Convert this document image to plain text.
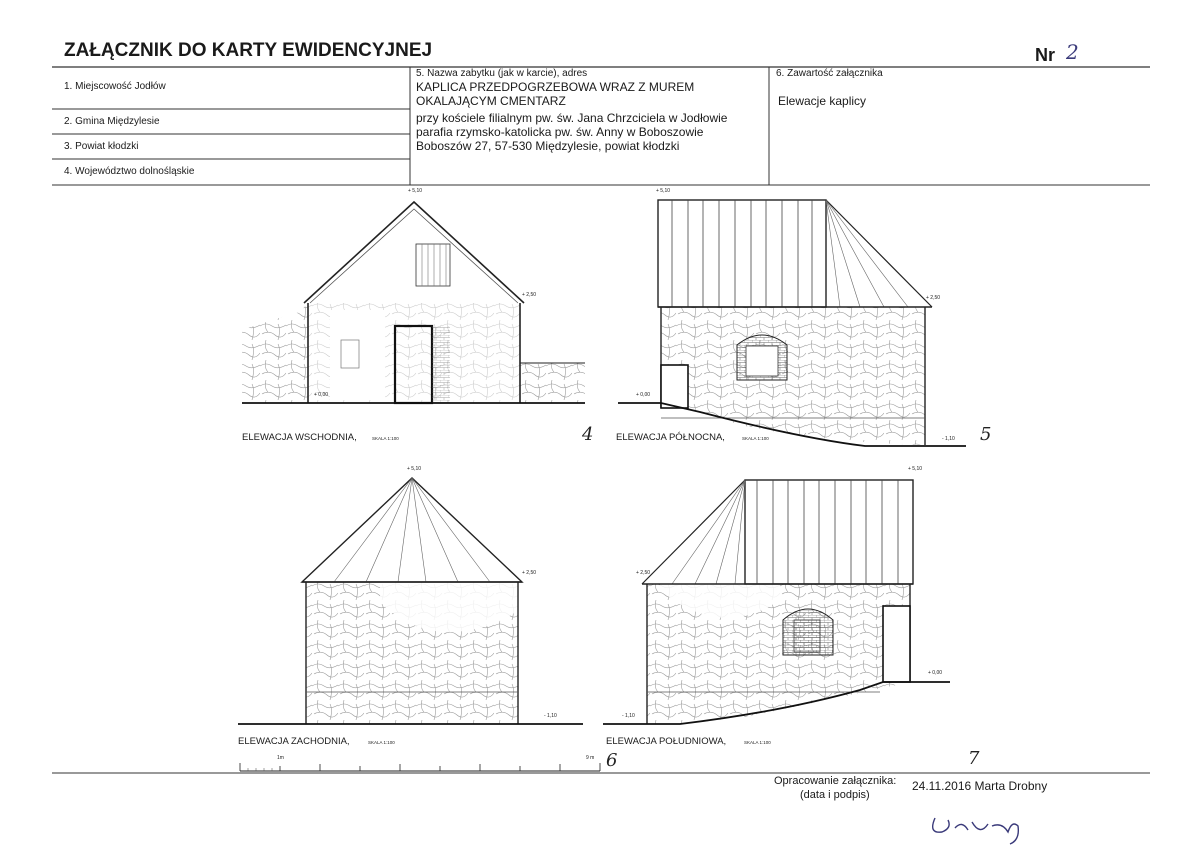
ZAŁĄCZNIK DO KARTY EWIDENCYJNEJ	Nr 2
1. Miejscowość Jodłów
2. Gmina Międzylesie
3. Powiat kłodzki
4. Województwo dolnośląskie
5. Nazwa zabytku (jak w karcie), adres
KAPLICA PRZEDPOGRZEBOWA WRAZ Z MUREM
OKALAJĄCYM CMENTARZ
przy kościele filialnym pw. św. Jana Chrzciciela w Jodłowie
parafia rzymsko-katolicka pw. św. Anny w Boboszowie
Boboszów 27, 57-530 Międzylesie, powiat kłodzki
6. Zawartość załącznika
Elewacje kaplicy
+ 5,10
+ 2,50
+ 0,00
ELEWACJA WSCHODNIA,	SKALA 1:100	4
+ 5,10
+ 2,50
+ 0,00
- 1,10
ELEWACJA PÓŁNOCNA,	SKALA 1:100	5
+ 5,10
+ 2,50
- 1,10
ELEWACJA ZACHODNIA,	SKALA 1:100
6
+ 5,10
+ 2,50
+ 0,00
- 1,10
ELEWACJA POŁUDNIOWA,	SKALA 1:100
7
1m	9 m
Opracowanie załącznika:
(data i podpis)
24.11.2016 Marta Drobny
